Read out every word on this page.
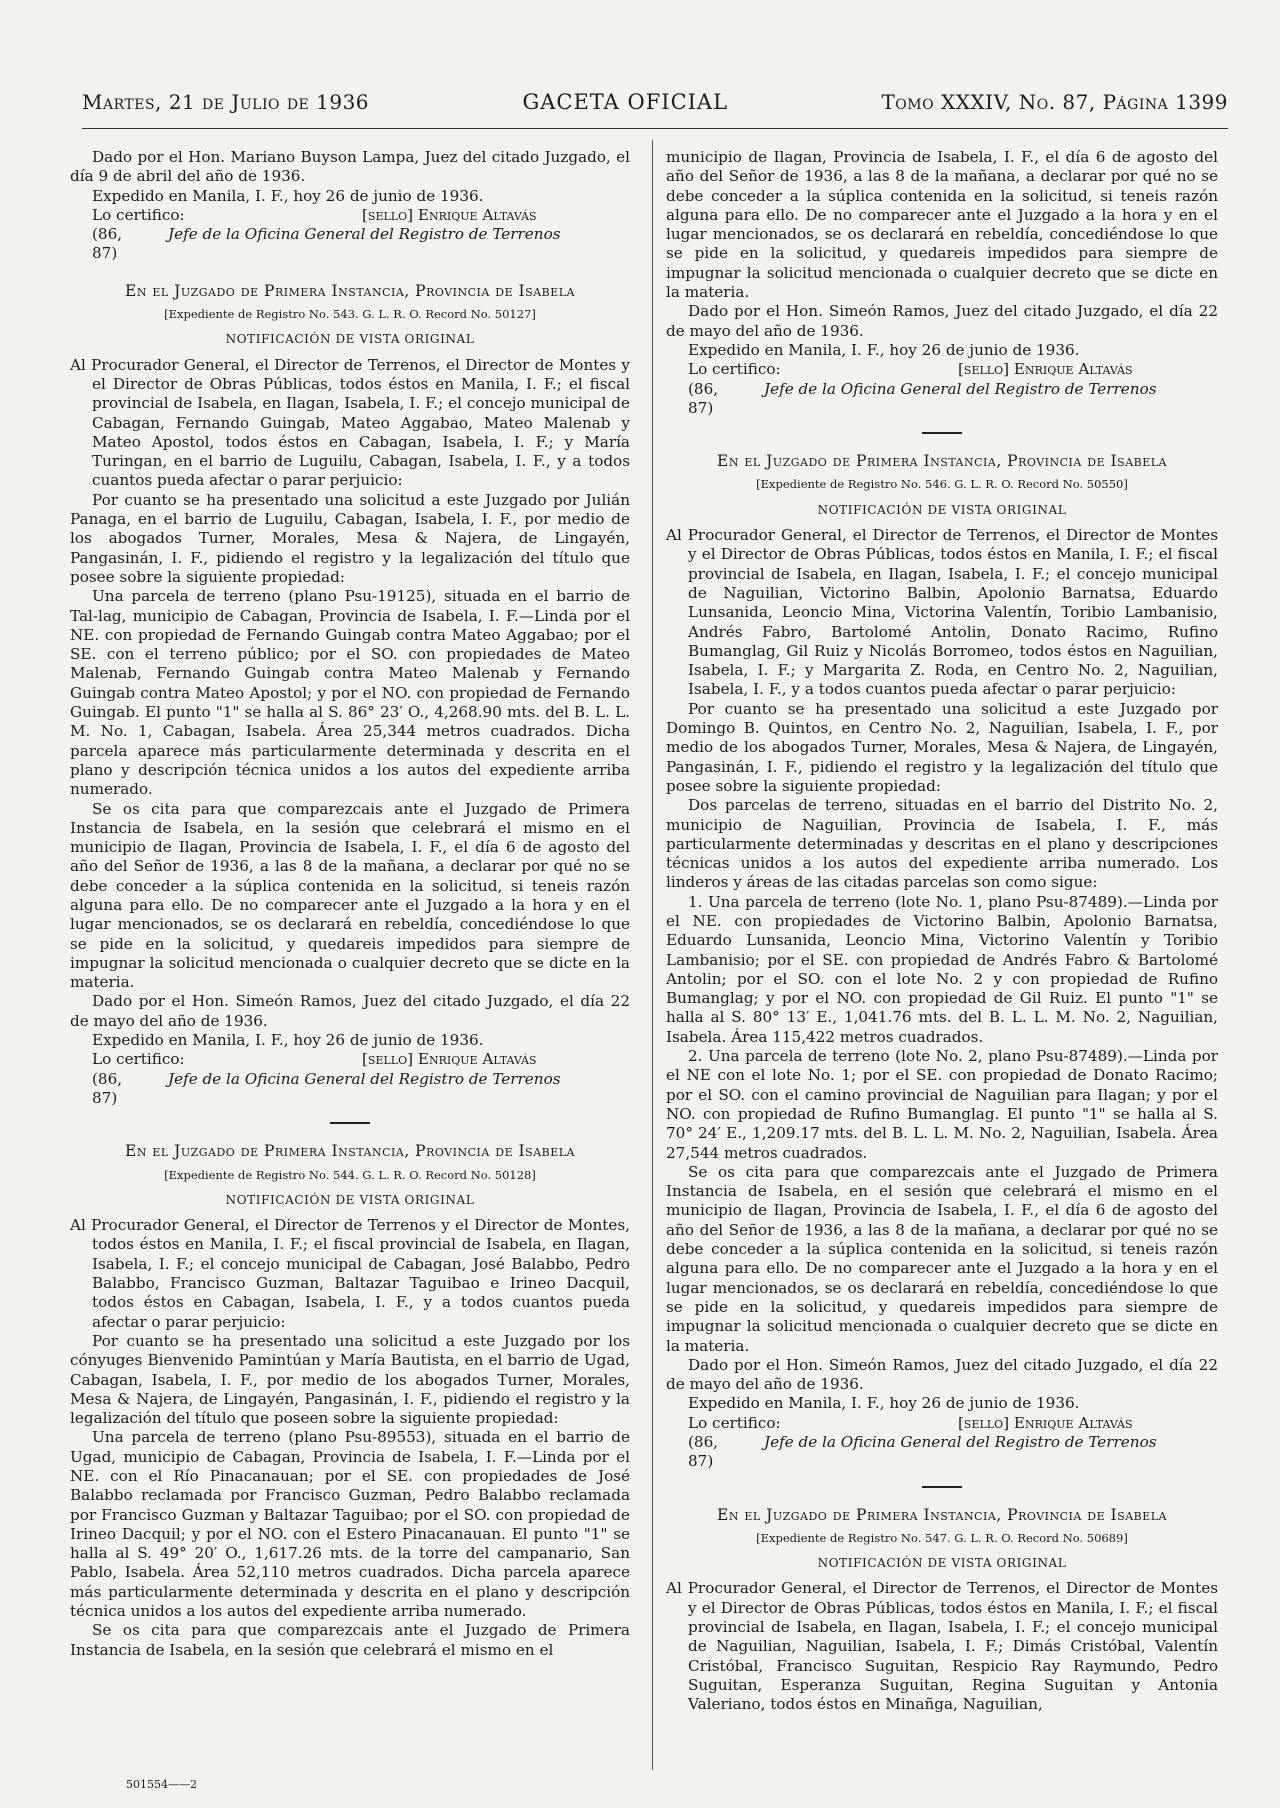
Martes, 21 de Julio de 1936	GACETA OFICIAL	Tomo XXXIV, No. 87, Página 1399

Dado por el Hon. Mariano Buyson Lampa, Juez del citado Juzgado, el día 9 de abril del año de 1936.

Expedido en Manila, I. F., hoy 26 de junio de 1936.

Lo certifico:	[sello] Enrique Altavás
(86, 87)
Jefe de la Oficina General del Registro de Terrenos
En el Juzgado de Primera Instancia, Provincia de Isabela
[Expediente de Registro No. 543. G. L. R. O. Record No. 50127]
NOTIFICACIÓN DE VISTA ORIGINAL

Al Procurador General, el Director de Terrenos, el Director de Montes y el Director de Obras Públicas, todos éstos en Manila, I. F.; el fiscal provincial de Isabela, en Ilagan, Isabela, I. F.; el concejo municipal de Cabagan, Fernando Guingab, Mateo Aggabao, Mateo Malenab y Mateo Apostol, todos éstos en Cabagan, Isabela, I. F.; y María Turingan, en el barrio de Luguilu, Cabagan, Isabela, I. F., y a todos cuantos pueda afectar o parar perjuicio:

Por cuanto se ha presentado una solicitud a este Juzgado por Julián Panaga, en el barrio de Luguilu, Cabagan, Isabela, I. F., por medio de los abogados Turner, Morales, Mesa & Najera, de Lingayén, Pangasinán, I. F., pidiendo el registro y la legalización del título que posee sobre la siguiente propiedad:

Una parcela de terreno (plano Psu-19125), situada en el barrio de Tal-lag, municipio de Cabagan, Provincia de Isabela, I. F.—Linda por el NE. con propiedad de Fernando Guingab contra Mateo Aggabao; por el SE. con el terreno público; por el SO. con propiedades de Mateo Malenab, Fernando Guingab contra Mateo Malenab y Fernando Guingab contra Mateo Apostol; y por el NO. con propiedad de Fernando Guingab. El punto "1" se halla al S. 86° 23′ O., 4,268.90 mts. del B. L. L. M. No. 1, Cabagan, Isabela. Área 25,344 metros cuadrados. Dicha parcela aparece más particularmente determinada y descrita en el plano y descripción técnica unidos a los autos del expediente arriba numerado.

Se os cita para que comparezcais ante el Juzgado de Primera Instancia de Isabela, en la sesión que celebrará el mismo en el municipio de Ilagan, Provincia de Isabela, I. F., el día 6 de agosto del año del Señor de 1936, a las 8 de la mañana, a declarar por qué no se debe conceder a la súplica contenida en la solicitud, si teneis razón alguna para ello. De no comparecer ante el Juzgado a la hora y en el lugar mencionados, se os declarará en rebeldía, concediéndose lo que se pide en la solicitud, y quedareis impedidos para siempre de impugnar la solicitud mencionada o cualquier decreto que se dicte en la materia.

Dado por el Hon. Simeón Ramos, Juez del citado Juzgado, el día 22 de mayo del año de 1936.

Expedido en Manila, I. F., hoy 26 de junio de 1936.

Lo certifico:	[sello] Enrique Altavás
(86, 87)
Jefe de la Oficina General del Registro de Terrenos
En el Juzgado de Primera Instancia, Provincia de Isabela
[Expediente de Registro No. 544. G. L. R. O. Record No. 50128]
NOTIFICACIÓN DE VISTA ORIGINAL

Al Procurador General, el Director de Terrenos y el Director de Montes, todos éstos en Manila, I. F.; el fiscal provincial de Isabela, en Ilagan, Isabela, I. F.; el concejo municipal de Cabagan, José Balabbo, Pedro Balabbo, Francisco Guzman, Baltazar Taguibao e Irineo Dacquil, todos éstos en Cabagan, Isabela, I. F., y a todos cuantos pueda afectar o parar perjuicio:

Por cuanto se ha presentado una solicitud a este Juzgado por los cónyuges Bienvenido Pamintúan y María Bautista, en el barrio de Ugad, Cabagan, Isabela, I. F., por medio de los abogados Turner, Morales, Mesa & Najera, de Lingayén, Pangasinán, I. F., pidiendo el registro y la legalización del título que poseen sobre la siguiente propiedad:

Una parcela de terreno (plano Psu-89553), situada en el barrio de Ugad, municipio de Cabagan, Provincia de Isabela, I. F.—Linda por el NE. con el Río Pinacanauan; por el SE. con propiedades de José Balabbo reclamada por Francisco Guzman, Pedro Balabbo reclamada por Francisco Guzman y Baltazar Taguibao; por el SO. con propiedad de Irineo Dacquil; y por el NO. con el Estero Pinacanauan. El punto "1" se halla al S. 49° 20′ O., 1,617.26 mts. de la torre del campanario, San Pablo, Isabela. Área 52,110 metros cuadrados. Dicha parcela aparece más particularmente determinada y descrita en el plano y descripción técnica unidos a los autos del expediente arriba numerado.

Se os cita para que comparezcais ante el Juzgado de Primera Instancia de Isabela, en la sesión que celebrará el mismo en el

municipio de Ilagan, Provincia de Isabela, I. F., el día 6 de agosto del año del Señor de 1936, a las 8 de la mañana, a declarar por qué no se debe conceder a la súplica contenida en la solicitud, si teneis razón alguna para ello. De no comparecer ante el Juzgado a la hora y en el lugar mencionados, se os declarará en rebeldía, concediéndose lo que se pide en la solicitud, y quedareis impedidos para siempre de impugnar la solicitud mencionada o cualquier decreto que se dicte en la materia.

Dado por el Hon. Simeón Ramos, Juez del citado Juzgado, el día 22 de mayo del año de 1936.

Expedido en Manila, I. F., hoy 26 de junio de 1936.

Lo certifico:	[sello] Enrique Altavás
(86, 87)
Jefe de la Oficina General del Registro de Terrenos
En el Juzgado de Primera Instancia, Provincia de Isabela
[Expediente de Registro No. 546. G. L. R. O. Record No. 50550]
NOTIFICACIÓN DE VISTA ORIGINAL

Al Procurador General, el Director de Terrenos, el Director de Montes y el Director de Obras Públicas, todos éstos en Manila, I. F.; el fiscal provincial de Isabela, en Ilagan, Isabela, I. F.; el concejo municipal de Naguilian, Victorino Balbin, Apolonio Barnatsa, Eduardo Lunsanida, Leoncio Mina, Victorina Valentín, Toribio Lambanisio, Andrés Fabro, Bartolomé Antolin, Donato Racimo, Rufino Bumanglag, Gil Ruiz y Nicolás Borromeo, todos éstos en Naguilian, Isabela, I. F.; y Margarita Z. Roda, en Centro No. 2, Naguilian, Isabela, I. F., y a todos cuantos pueda afectar o parar perjuicio:

Por cuanto se ha presentado una solicitud a este Juzgado por Domingo B. Quintos, en Centro No. 2, Naguilian, Isabela, I. F., por medio de los abogados Turner, Morales, Mesa & Najera, de Lingayén, Pangasinán, I. F., pidiendo el registro y la legalización del título que posee sobre la siguiente propiedad:

Dos parcelas de terreno, situadas en el barrio del Distrito No. 2, municipio de Naguilian, Provincia de Isabela, I. F., más particularmente determinadas y descritas en el plano y descripciones técnicas unidos a los autos del expediente arriba numerado. Los linderos y áreas de las citadas parcelas son como sigue:

1. Una parcela de terreno (lote No. 1, plano Psu-87489).—Linda por el NE. con propiedades de Victorino Balbin, Apolonio Barnatsa, Eduardo Lunsanida, Leoncio Mina, Victorino Valentín y Toribio Lambanisio; por el SE. con propiedad de Andrés Fabro & Bartolomé Antolin; por el SO. con el lote No. 2 y con propiedad de Rufino Bumanglag; y por el NO. con propiedad de Gil Ruiz. El punto "1" se halla al S. 80° 13′ E., 1,041.76 mts. del B. L. L. M. No. 2, Naguilian, Isabela. Área 115,422 metros cuadrados.

2. Una parcela de terreno (lote No. 2, plano Psu-87489).—Linda por el NE con el lote No. 1; por el SE. con propiedad de Donato Racimo; por el SO. con el camino provincial de Naguilian para Ilagan; y por el NO. con propiedad de Rufino Bumanglag. El punto "1" se halla al S. 70° 24′ E., 1,209.17 mts. del B. L. L. M. No. 2, Naguilian, Isabela. Área 27,544 metros cuadrados.

Se os cita para que comparezcais ante el Juzgado de Primera Instancia de Isabela, en el sesión que celebrará el mismo en el municipio de Ilagan, Provincia de Isabela, I. F., el día 6 de agosto del año del Señor de 1936, a las 8 de la mañana, a declarar por qué no se debe conceder a la súplica contenida en la solicitud, si teneis razón alguna para ello. De no comparecer ante el Juzgado a la hora y en el lugar mencionados, se os declarará en rebeldía, concediéndose lo que se pide en la solicitud, y quedareis impedidos para siempre de impugnar la solicitud mencionada o cualquier decreto que se dicte en la materia.

Dado por el Hon. Simeón Ramos, Juez del citado Juzgado, el día 22 de mayo del año de 1936.

Expedido en Manila, I. F., hoy 26 de junio de 1936.

Lo certifico:	[sello] Enrique Altavás
(86, 87)
Jefe de la Oficina General del Registro de Terrenos
En el Juzgado de Primera Instancia, Provincia de Isabela
[Expediente de Registro No. 547. G. L. R. O. Record No. 50689]
NOTIFICACIÓN DE VISTA ORIGINAL

Al Procurador General, el Director de Terrenos, el Director de Montes y el Director de Obras Públicas, todos éstos en Manila, I. F.; el fiscal provincial de Isabela, en Ilagan, Isabela, I. F.; el concejo municipal de Naguilian, Naguilian, Isabela, I. F.; Dimás Cristóbal, Valentín Cristóbal, Francisco Suguitan, Respicio Ray Raymundo, Pedro Suguitan, Esperanza Suguitan, Regina Suguitan y Antonia Valeriano, todos éstos en Minañga, Naguilian,

501554——2
